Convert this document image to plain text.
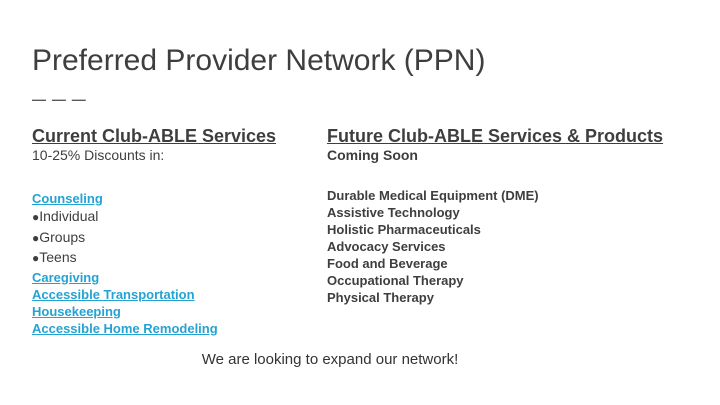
Preferred Provider Network (PPN)
— — —
Current Club-ABLE Services

10-25% Discounts in:

Counseling
●Individual
●Groups
●Teens
Caregiving
Accessible Transportation
Housekeeping
Accessible Home Remodeling
Future Club-ABLE Services & Products

Coming Soon

Durable Medical Equipment (DME)
Assistive Technology
Holistic Pharmaceuticals
Advocacy Services
Food and Beverage
Occupational Therapy
Physical Therapy
We are looking to expand our network!
